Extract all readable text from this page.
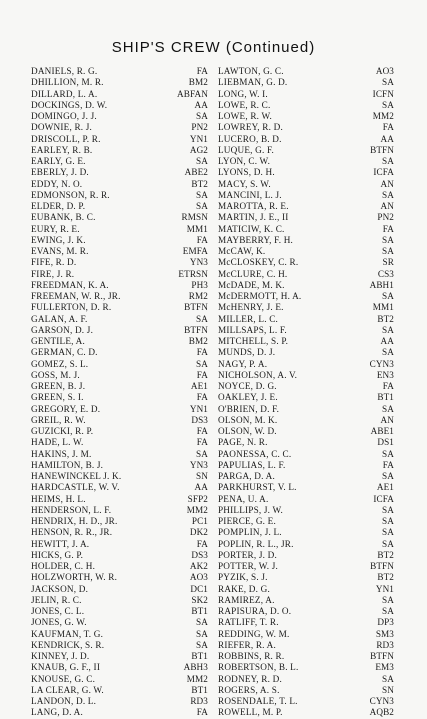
SHIP'S CREW (Continued)
DANIELS, R. G.	FA
DHILLION, M. R.	BM2
DILLARD, L. A.	ABFAN
DOCKINGS, D. W.	AA
DOMINGO, J. J.	SA
DOWNIE, R. J.	PN2
DRISCOLL, P. R.	YN1
EARLEY, R. B.	AG2
EARLY, G. E.	SA
EBERLY, J. D.	ABE2
EDDY, N. O.	BT2
EDMONSON, R. R.	SA
ELDER, D. P.	SA
EUBANK, B. C.	RMSN
EURY, R. E.	MM1
EWING, J. K.	FA
EVANS, M. R.	EMFA
FIFE, R. D.	YN3
FIRE, J. R.	ETRSN
FREEDMAN, K. A.	PH3
FREEMAN, W. R., JR.	RM2
FULLERTON, D. R.	BTFN
GALAN, A. F.	SA
GARSON, D. J.	BTFN
GENTILE, A.	BM2
GERMAN, C. D.	FA
GOMEZ, S. L.	SA
GOSS, M. J.	FA
GREEN, B. J.	AE1
GREEN, S. I.	FA
GREGORY, E. D.	YN1
GREIL, R. W.	DS3
GUZICKI, R. P.	FA
HADE, L. W.	FA
HAKINS, J. M.	SA
HAMILTON, B. J.	YN3
HANEWINCKEL J. K.	SN
HARDCASTLE, W. V.	AA
HEIMS, H. L.	SFP2
HENDERSON, L. F.	MM2
HENDRIX, H. D., JR.	PC1
HENSON, R. R., JR.	DK2
HEWITT, J. A.	FA
HICKS, G. P.	DS3
HOLDER, C. H.	AK2
HOLZWORTH, W. R.	AO3
JACKSON, D.	DC1
JELIN, R. C.	SK2
JONES, C. L.	BT1
JONES, G. W.	SA
KAUFMAN, T. G.	SA
KENDRICK, S. R.	SA
KINNEY, J. D.	BT1
KNAUB, G. F., II	ABH3
KNOUSE, G. C.	MM2
LA CLEAR, G. W.	BT1
LANDON, D. L.	RD3
LANG, D. A.	FA
LAWTON, G. C.	AO3
LIEBMAN, G. D.	SA
LONG, W. I.	ICFN
LOWE, R. C.	SA
LOWE, R. W.	MM2
LOWREY, R. D.	FA
LUCERO, B. D.	AA
LUQUE, G. F.	BTFN
LYON, C. W.	SA
LYONS, D. H.	ICFA
MACY, S. W.	AN
MANCINI, L. J.	SA
MAROTTA, R. E.	AN
MARTIN, J. E., II	PN2
MATICIW, K. C.	FA
MAYBERRY, F. H.	SA
McCAW, K.	SA
McCLOSKEY, C. R.	SR
McCLURE, C. H.	CS3
McDADE, M. K.	ABH1
McDERMOTT, H. A.	SA
McHENRY, J. E.	MM1
MILLER, L. C.	BT2
MILLSAPS, L. F.	SA
MITCHELL, S. P.	AA
MUNDS, D. J.	SA
NAGY, P. A.	CYN3
NICHOLSON, A. V.	EN3
NOYCE, D. G.	FA
OAKLEY, J. E.	BT1
O'BRIEN, D. F.	SA
OLSON, M. K.	AN
OLSON, W. D.	ABE1
PAGE, N. R.	DS1
PAONESSA, C. C.	SA
PAPULIAS, L. F.	FA
PARGA, D. A.	SA
PARKHURST, V. L.	AE1
PENA, U. A.	ICFA
PHILLIPS, J. W.	SA
PIERCE, G. E.	SA
POMPLIN, J. L.	SA
POPLIN, R. L., JR.	SA
PORTER, J. D.	BT2
POTTER, W. J.	BTFN
PYZIK, S. J.	BT2
RAKE, D. G.	YN1
RAMIREZ, A.	SA
RAPISURA, D. O.	SA
RATLIFF, T. R.	DP3
REDDING, W. M.	SM3
RIEFER, R. A.	RD3
ROBBINS, R. R.	BTFN
ROBERTSON, B. L.	EM3
RODNEY, R. D.	SA
ROGERS, A. S.	SN
ROSENDALE, T. L.	CYN3
ROWELL, M. P.	AQB2
